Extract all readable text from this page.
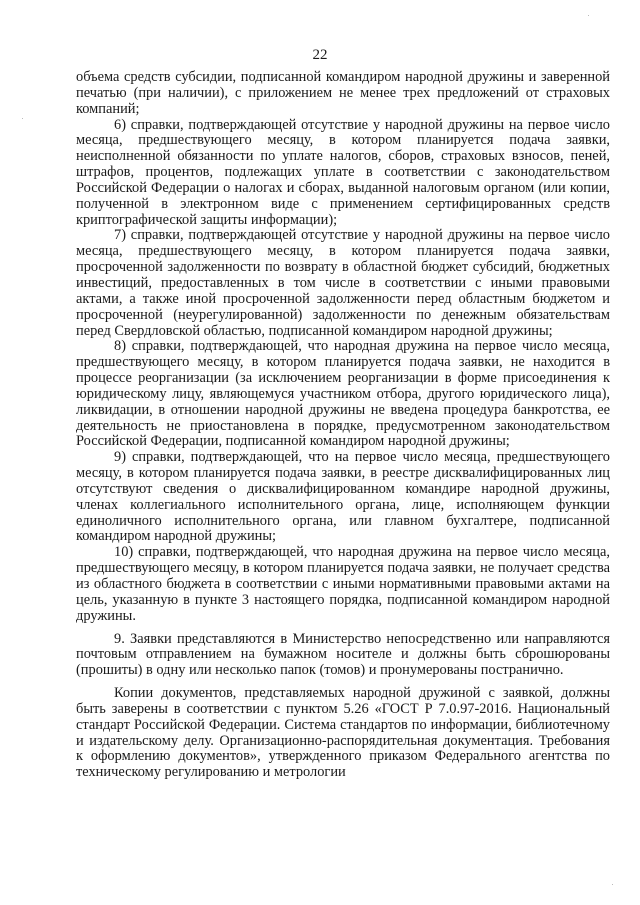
22

объема средств субсидии, подписанной командиром народной дружины и заверенной печатью (при наличии), с приложением не менее трех предложений от страховых компаний;

6) справки, подтверждающей отсутствие у народной дружины на первое число месяца, предшествующего месяцу, в котором планируется подача заявки, неисполненной обязанности по уплате налогов, сборов, страховых взносов, пеней, штрафов, процентов, подлежащих уплате в соответствии с законодательством Российской Федерации о налогах и сборах, выданной налоговым органом (или копии, полученной в электронном виде с применением сертифицированных средств криптографической защиты информации);

7) справки, подтверждающей отсутствие у народной дружины на первое число месяца, предшествующего месяцу, в котором планируется подача заявки, просроченной задолженности по возврату в областной бюджет субсидий, бюджетных инвестиций, предоставленных в том числе в соответствии с иными правовыми актами, а также иной просроченной задолженности перед областным бюджетом и просроченной (неурегулированной) задолженности по денежным обязательствам перед Свердловской областью, подписанной командиром народной дружины;

8) справки, подтверждающей, что народная дружина на первое число месяца, предшествующего месяцу, в котором планируется подача заявки, не находится в процессе реорганизации (за исключением реорганизации в форме присоединения к юридическому лицу, являющемуся участником отбора, другого юридического лица), ликвидации, в отношении народной дружины не введена процедура банкротства, ее деятельность не приостановлена в порядке, предусмотренном законодательством Российской Федерации, подписанной командиром народной дружины;

9) справки, подтверждающей, что на первое число месяца, предшествующего месяцу, в котором планируется подача заявки, в реестре дисквалифицированных лиц отсутствуют сведения о дисквалифицированном командире народной дружины, членах коллегиального исполнительного органа, лице, исполняющем функции единоличного исполнительного органа, или главном бухгалтере, подписанной командиром народной дружины;

10) справки, подтверждающей, что народная дружина на первое число месяца, предшествующего месяцу, в котором планируется подача заявки, не получает средства из областного бюджета в соответствии с иными нормативными правовыми актами на цель, указанную в пункте 3 настоящего порядка, подписанной командиром народной дружины.

9. Заявки представляются в Министерство непосредственно или направляются почтовым отправлением на бумажном носителе и должны быть сброшюрованы (прошиты) в одну или несколько папок (томов) и пронумерованы постранично.

Копии документов, представляемых народной дружиной с заявкой, должны быть заверены в соответствии с пунктом 5.26 «ГОСТ Р 7.0.97-2016. Национальный стандарт Российской Федерации. Система стандартов по информации, библиотечному и издательскому делу. Организационно-распорядительная документация. Требования к оформлению документов», утвержденного приказом Федерального агентства по техническому регулированию и метрологии
